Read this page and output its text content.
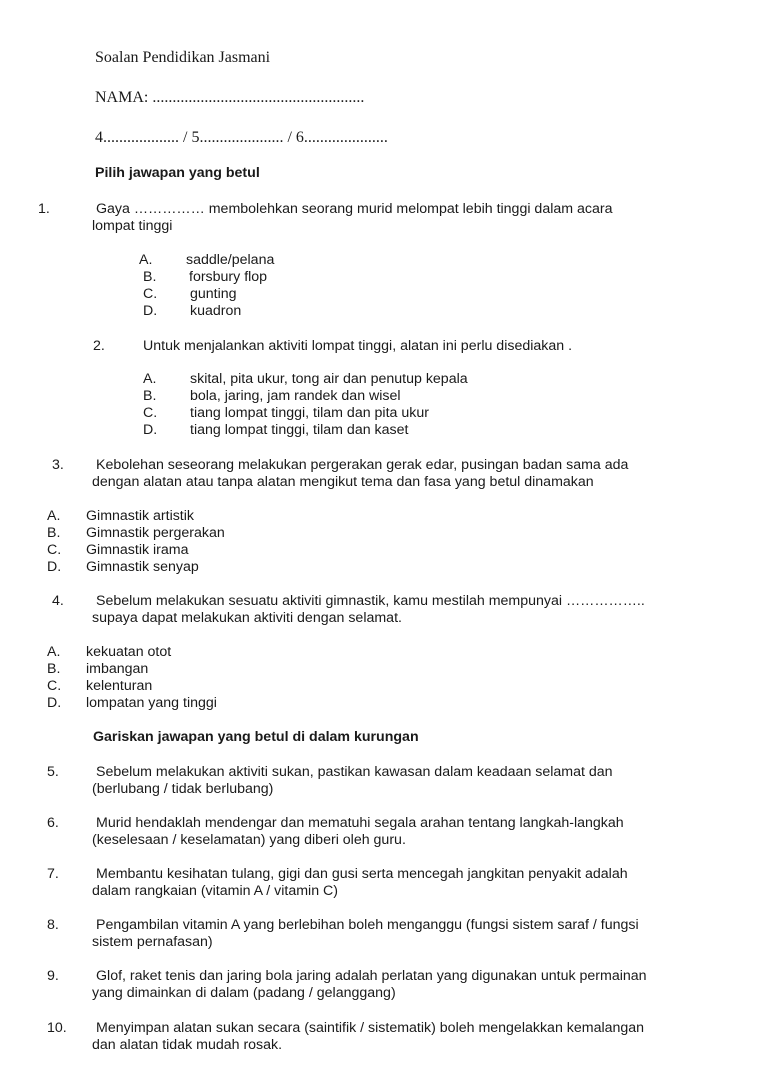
Soalan Pendidikan Jasmani
NAMA: .....................................................
4................... / 5..................... / 6.....................
Pilih jawapan yang betul
1.	Gaya …………… membolehkan seorang murid melompat lebih tinggi dalam acara
lompat tinggi
A. saddle/pelana
B. forsbury flop
C. gunting
D. kuadron
2.	Untuk menjalankan aktiviti lompat tinggi, alatan ini perlu disediakan .
A. skital, pita ukur, tong air dan penutup kepala
B. bola, jaring, jam randek dan wisel
C. tiang lompat tinggi, tilam dan pita ukur
D. tiang lompat tinggi, tilam dan kaset
3. Kebolehan seseorang melakukan pergerakan gerak edar, pusingan badan sama ada
dengan alatan atau tanpa alatan mengikut tema dan fasa yang betul dinamakan
A. Gimnastik artistik
B. Gimnastik pergerakan
C. Gimnastik irama
D. Gimnastik senyap
4. Sebelum melakukan sesuatu aktiviti gimnastik, kamu mestilah mempunyai ……………..
supaya dapat melakukan aktiviti dengan selamat.
A. kekuatan otot
B. imbangan
C. kelenturan
D. lompatan yang tinggi
Gariskan jawapan yang betul di dalam kurungan
5.	Sebelum melakukan aktiviti sukan, pastikan kawasan dalam keadaan selamat dan
(berlubang / tidak berlubang)
6.	Murid hendaklah mendengar dan mematuhi segala arahan tentang langkah-langkah
(keselesaan / keselamatan) yang diberi oleh guru.
7.	Membantu kesihatan tulang, gigi dan gusi serta mencegah jangkitan penyakit adalah
dalam rangkaian (vitamin A / vitamin C)
8.	Pengambilan vitamin A yang berlebihan boleh menganggu (fungsi sistem saraf / fungsi
sistem pernafasan)
9.	Glof, raket tenis dan jaring bola jaring adalah perlatan yang digunakan untuk permainan
yang dimainkan di dalam (padang / gelanggang)
10. Menyimpan alatan sukan secara (saintifik / sistematik) boleh mengelakkan kemalangan
dan alatan tidak mudah rosak.
